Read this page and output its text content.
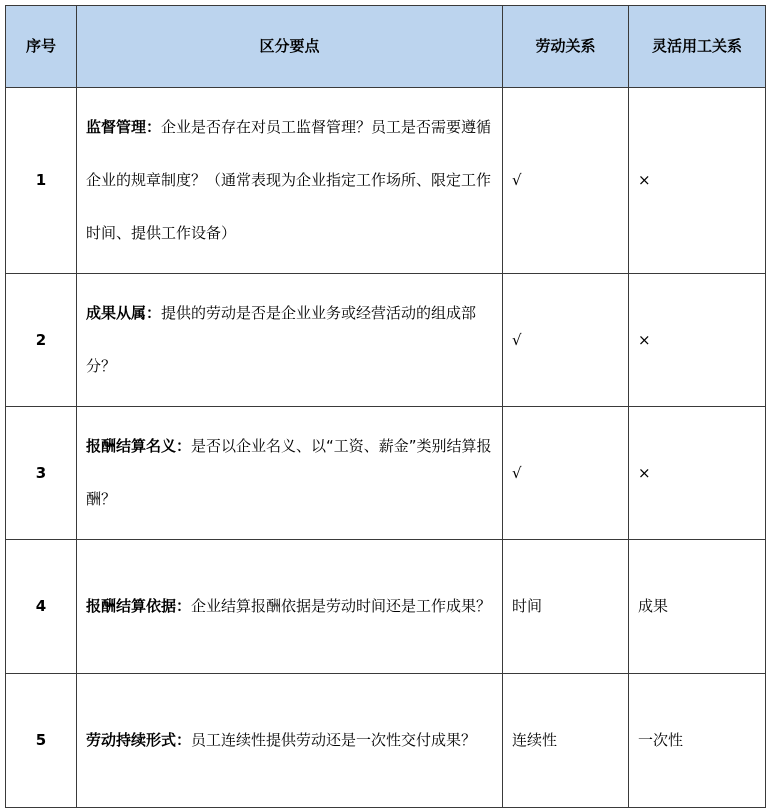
序号	区分要点	劳动关系	灵活用工关系
1	监督管理：企业是否存在对员工监督管理？员工是否需要遵循企业的规章制度？（通常表现为企业指定工作场所、限定工作时间、提供工作设备）	√	×
2	成果从属：提供的劳动是否是企业业务或经营活动的组成部分？	√	×
3	报酬结算名义：是否以企业名义、以“工资、薪金”类别结算报酬？	√	×
4	报酬结算依据：企业结算报酬依据是劳动时间还是工作成果？	时间	成果
5	劳动持续形式：员工连续性提供劳动还是一次性交付成果？	连续性	一次性
